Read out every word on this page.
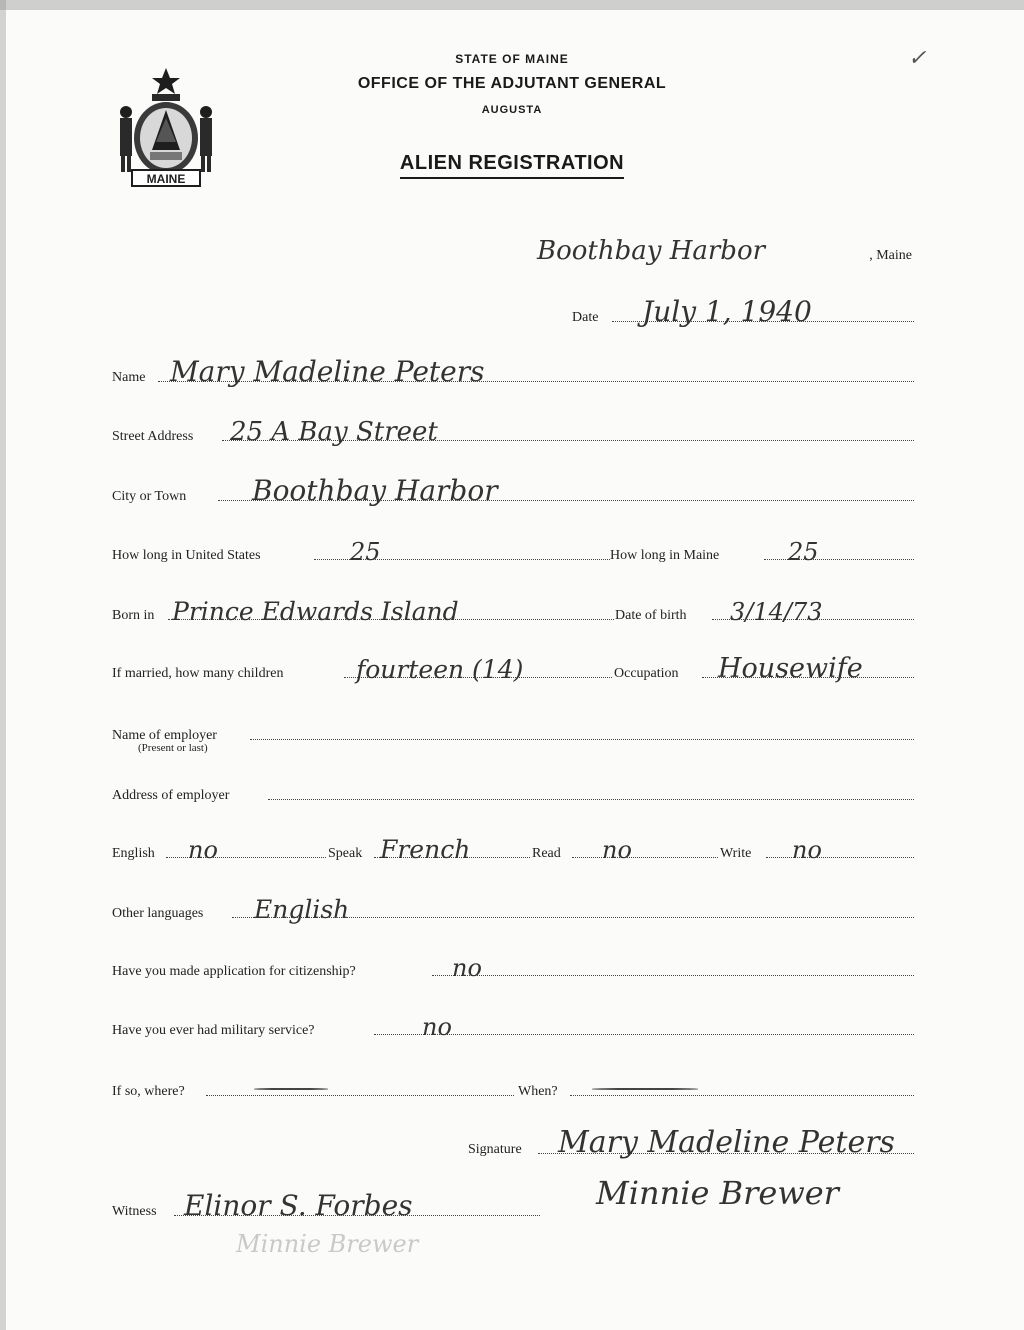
MAINE
✓
STATE OF MAINE
OFFICE OF THE ADJUTANT GENERAL
AUGUSTA
ALIEN REGISTRATION
Boothbay Harbor	, Maine
Date July 1, 1940
Name Mary Madeline Peters
Street Address 25 A Bay Street
City or Town Boothbay Harbor
How long in United States	25	How long in Maine	25
Born in Prince Edwards Island	Date of birth 3/14/73
If married, how many children	fourteen (14)	Occupation Housewife
Name of employer
(Present or last)
Address of employer
English no	Speak French	Read no	Write no
Other languages English
Have you made application for citizenship?	no
Have you ever had military service?	no
If so, where?	When?
Signature Mary Madeline Peters
Minnie Brewer
Witness Elinor S. Forbes
Minnie Brewer
